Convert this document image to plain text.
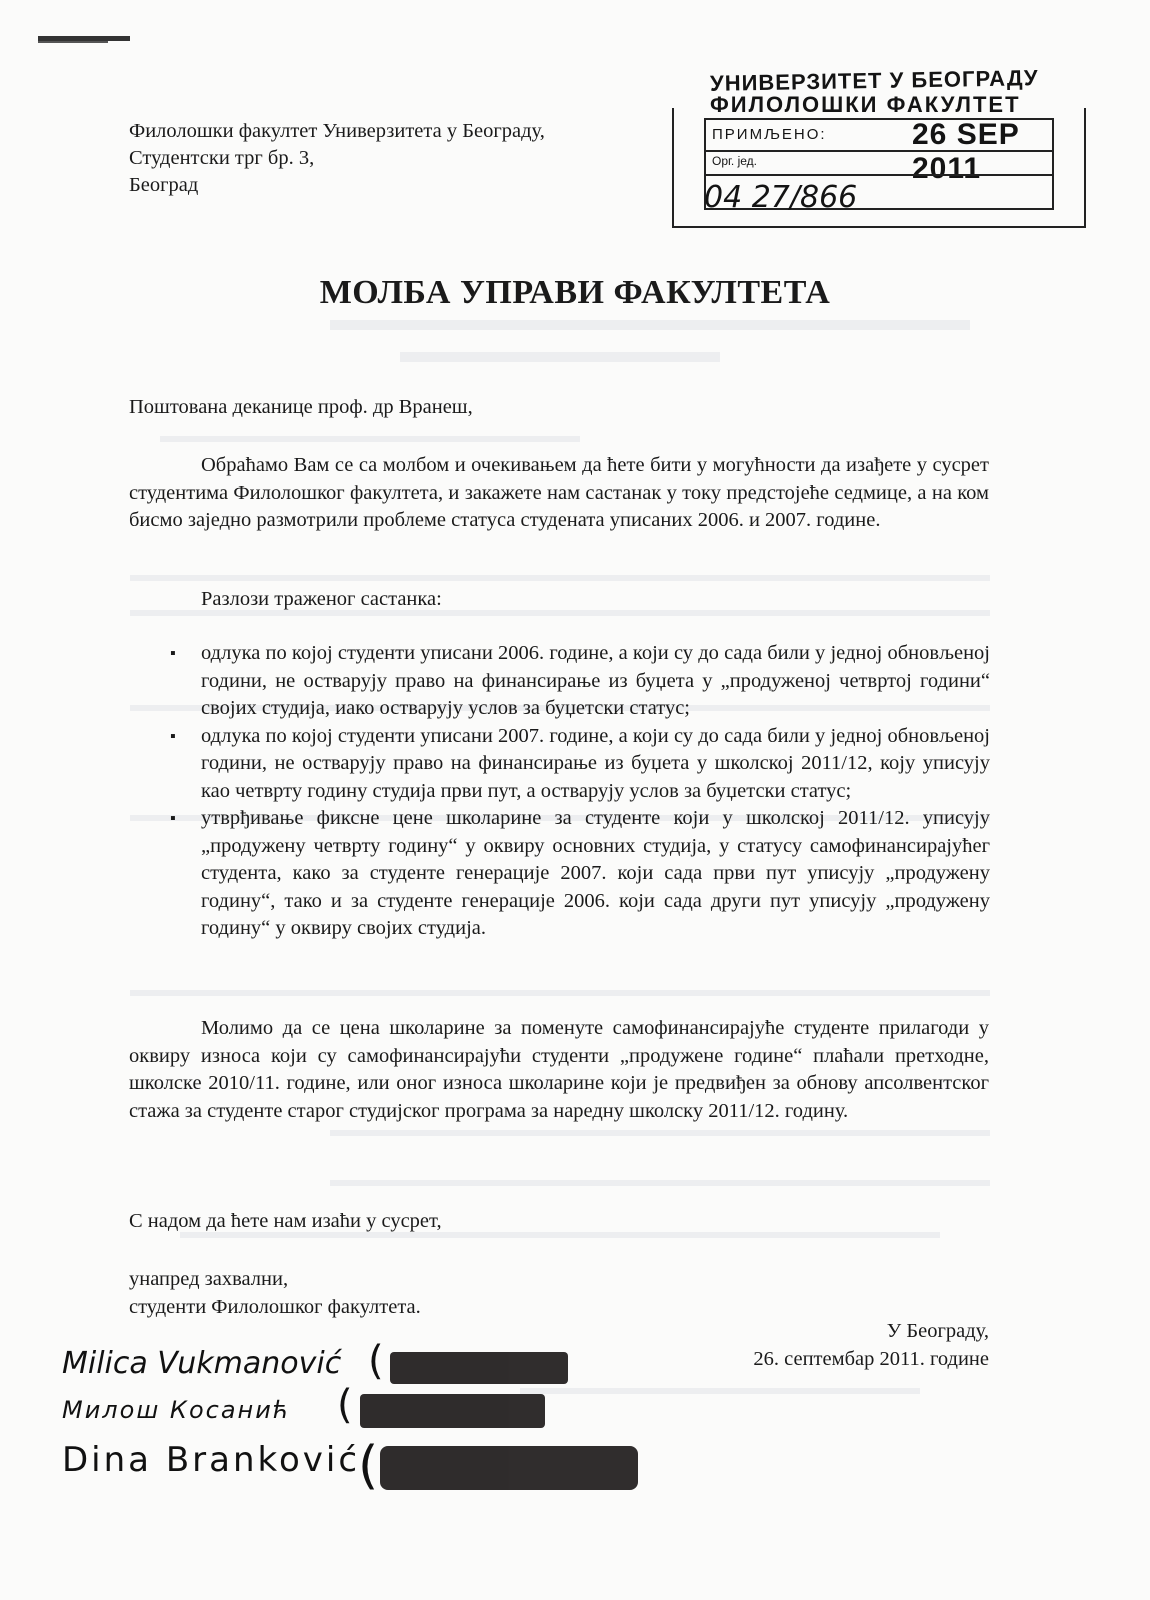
УНИВЕРЗИТЕТ У БЕОГРАДУ
ФИЛОЛОШКИ ФАКУЛТЕТ
ПРИМЉЕНО:	26 SEP 2011
Орг. јед.
04 27/866
Филолошки факултет Универзитета у Београду,
Студентски трг бр. 3,
Београд
МОЛБА УПРАВИ ФАКУЛТЕТА
Поштована деканице проф. др Вранеш,
Обраћамо Вам се са молбом и очекивањем да ћете бити у могућности да изађете у сусрет студентима Филолошког факултета, и закажете нам састанак у току предстојеће седмице, а на ком бисмо заједно размотрили проблеме статуса студената уписаних 2006. и 2007. године.
Разлози траженог састанка:
▪ одлука по којој студенти уписани 2006. године, а који су до сада били у једној обновљеној години, не остварују право на финансирање из буџета у „продуженој четвртој години“ својих студија, иако остварују услов за буџетски статус;
▪ одлука по којој студенти уписани 2007. године, а који су до сада били у једној обновљеној години, не остварују право на финансирање из буџета у школској 2011/12, коју уписују као четврту годину студија први пут, а остварују услов за буџетски статус;
▪ утврђивање фиксне цене школарине за студенте који у школској 2011/12. уписују „продужену четврту годину“ у оквиру основних студија, у статусу самофинансирајућег студента, како за студенте генерације 2007. који сада први пут уписују „продужену годину“, тако и за студенте генерације 2006. који сада други пут уписују „продужену годину“ у оквиру својих студија.
Молимо да се цена школарине за поменуте самофинансирајуће студенте прилагоди у оквиру износа који су самофинансирајући студенти „продужене године“ плаћали претходне, школске 2010/11. године, или оног износа школарине који је предвиђен за обнову апсолвентског стажа за студенте старог студијског програма за наредну школску 2011/12. годину.
С надом да ћете нам изаћи у сусрет,
унапред захвални,
студенти Филолошког факултета.
У Београду,
26. септембар 2011. године
Milica Vukmanović (
Милош Косанић (
Dina Branković
(
